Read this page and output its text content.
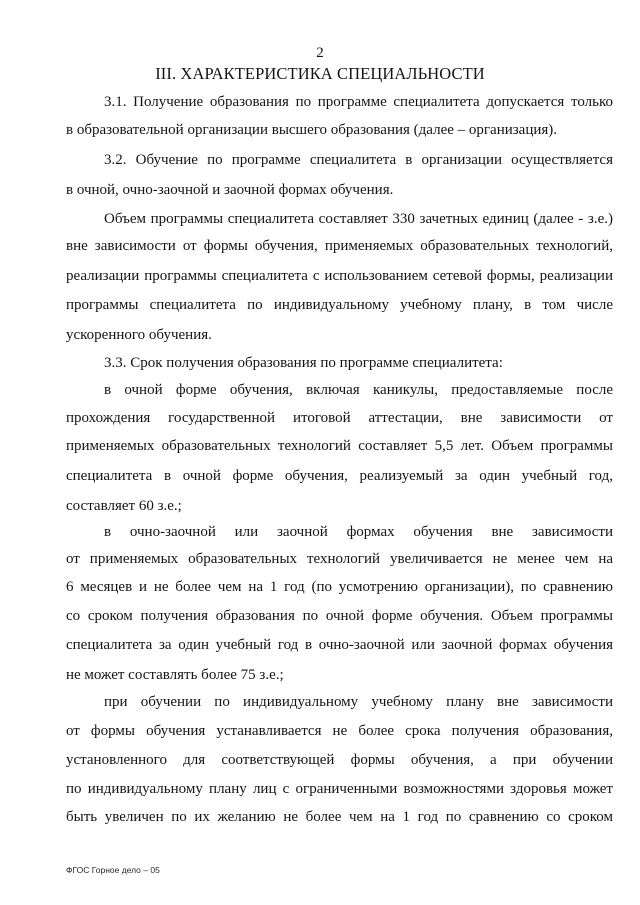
2
III. ХАРАКТЕРИСТИКА СПЕЦИАЛЬНОСТИ
3.1. Получение образования по программе специалитета допускается только
в образовательной организации высшего образования (далее – организация).
3.2. Обучение по программе специалитета в организации осуществляется
в очной, очно-заочной и заочной формах обучения.
Объем программы специалитета составляет 330 зачетных единиц (далее - з.е.)
вне зависимости от формы обучения, применяемых образовательных технологий,
реализации программы специалитета с использованием сетевой формы, реализации
программы специалитета по индивидуальному учебному плану, в том числе
ускоренного обучения.
3.3. Срок получения образования по программе специалитета:
в очной форме обучения, включая каникулы, предоставляемые после
прохождения государственной итоговой аттестации, вне зависимости от
применяемых образовательных технологий составляет 5,5 лет. Объем программы
специалитета в очной форме обучения, реализуемый за один учебный год,
составляет 60 з.е.;
в очно-заочной или заочной формах обучения вне зависимости
от применяемых образовательных технологий увеличивается не менее чем на
6 месяцев и не более чем на 1 год (по усмотрению организации), по сравнению
со сроком получения образования по очной форме обучения. Объем программы
специалитета за один учебный год в очно-заочной или заочной формах обучения
не может составлять более 75 з.е.;
при обучении по индивидуальному учебному плану вне зависимости
от формы обучения устанавливается не более срока получения образования,
установленного для соответствующей формы обучения, а при обучении
по индивидуальному плану лиц с ограниченными возможностями здоровья может
быть увеличен по их желанию не более чем на 1 год по сравнению со сроком
ФГОС Горное дело – 05
